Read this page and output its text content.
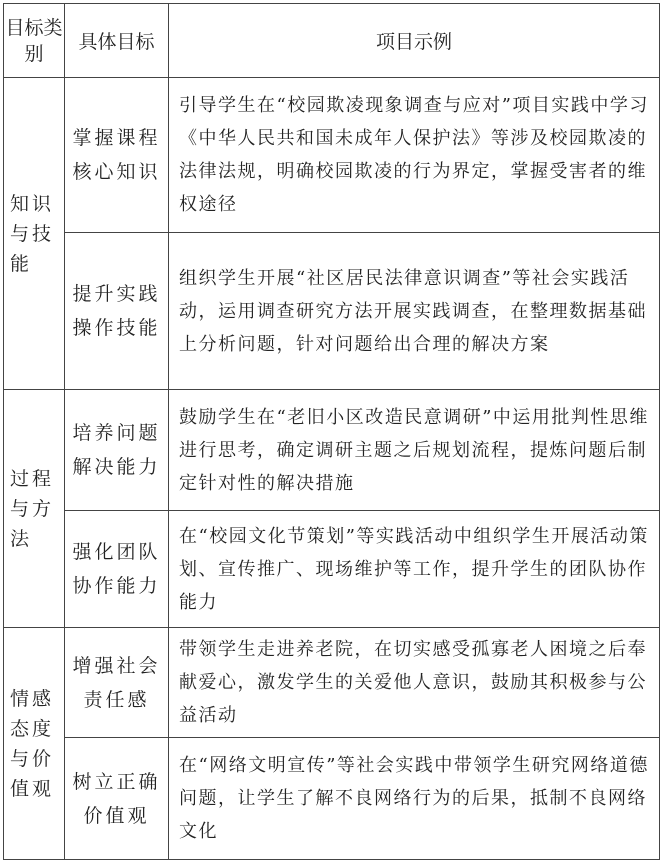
目标类别	具体目标	项目示例
知识与技能	掌握课程核心知识	引导学生在“校园欺凌现象调查与应对”项目实践中学习《中华人民共和国未成年人保护法》等涉及校园欺凌的法律法规，明确校园欺凌的行为界定，掌握受害者的维权途径
	提升实践操作技能	组织学生开展“社区居民法律意识调查”等社会实践活动，运用调查研究方法开展实践调查，在整理数据基础上分析问题，针对问题给出合理的解决方案
过程与方法	培养问题解决能力	鼓励学生在“老旧小区改造民意调研”中运用批判性思维进行思考，确定调研主题之后规划流程，提炼问题后制定针对性的解决措施
	强化团队协作能力	在“校园文化节策划”等实践活动中组织学生开展活动策划、宣传推广、现场维护等工作，提升学生的团队协作能力
情感态度与价值观	增强社会责任感	带领学生走进养老院，在切实感受孤寡老人困境之后奉献爱心，激发学生的关爱他人意识，鼓励其积极参与公益活动
	树立正确价值观	在“网络文明宣传”等社会实践中带领学生研究网络道德问题，让学生了解不良网络行为的后果，抵制不良网络文化
